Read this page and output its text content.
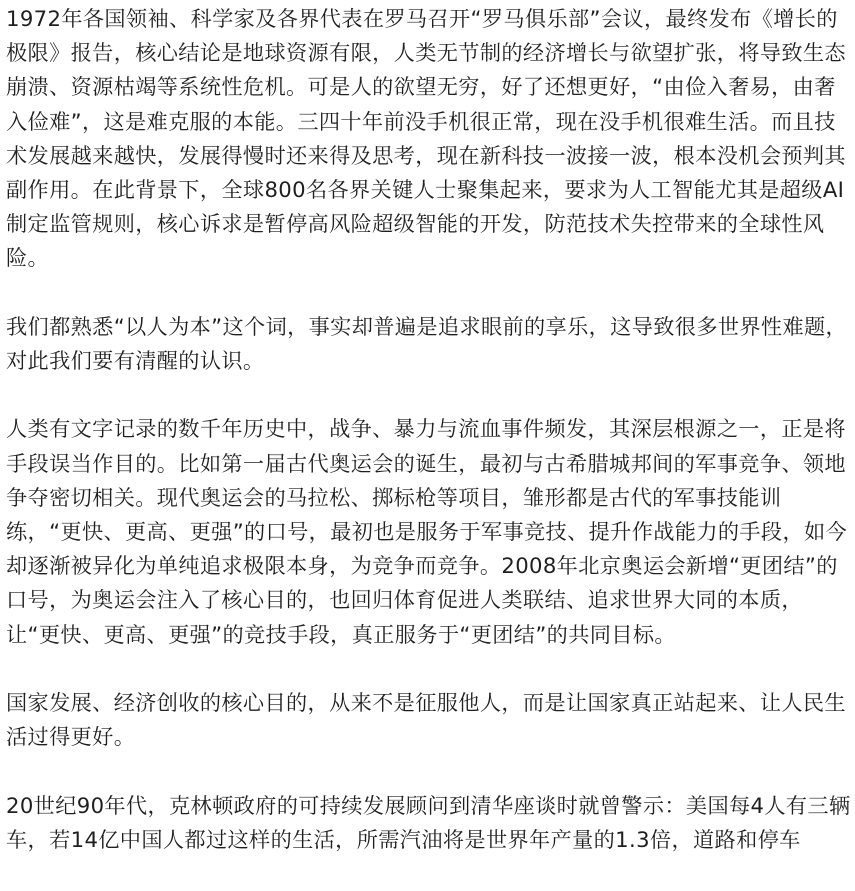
1972年各国领袖、科学家及各界代表在罗马召开“罗马俱乐部”会议，最终发布《增长的极限》报告，核心结论是地球资源有限，人类无节制的经济增长与欲望扩张，将导致生态崩溃、资源枯竭等系统性危机。可是人的欲望无穷，好了还想更好，“由俭入奢易，由奢入俭难”，这是难克服的本能。三四十年前没手机很正常，现在没手机很难生活。而且技术发展越来越快，发展得慢时还来得及思考，现在新科技一波接一波，根本没机会预判其副作用。在此背景下，全球800名各界关键人士聚集起来，要求为人工智能尤其是超级AI制定监管规则，核心诉求是暂停高风险超级智能的开发，防范技术失控带来的全球性风险。

我们都熟悉“以人为本”这个词，事实却普遍是追求眼前的享乐，这导致很多世界性难题，对此我们要有清醒的认识。

人类有文字记录的数千年历史中，战争、暴力与流血事件频发，其深层根源之一，正是将手段误当作目的。比如第一届古代奥运会的诞生，最初与古希腊城邦间的军事竞争、领地争夺密切相关。现代奥运会的马拉松、掷标枪等项目，雏形都是古代的军事技能训练，“更快、更高、更强”的口号，最初也是服务于军事竞技、提升作战能力的手段，如今却逐渐被异化为单纯追求极限本身，为竞争而竞争。2008年北京奥运会新增“更团结”的口号，为奥运会注入了核心目的，也回归体育促进人类联结、追求世界大同的本质，让“更快、更高、更强”的竞技手段，真正服务于“更团结”的共同目标。

国家发展、经济创收的核心目的，从来不是征服他人，而是让国家真正站起来、让人民生活过得更好。

20世纪90年代，克林顿政府的可持续发展顾问到清华座谈时就曾警示：美国每4人有三辆车，若14亿中国人都过这样的生活，所需汽油将是世界年产量的1.3倍，道路和停车
